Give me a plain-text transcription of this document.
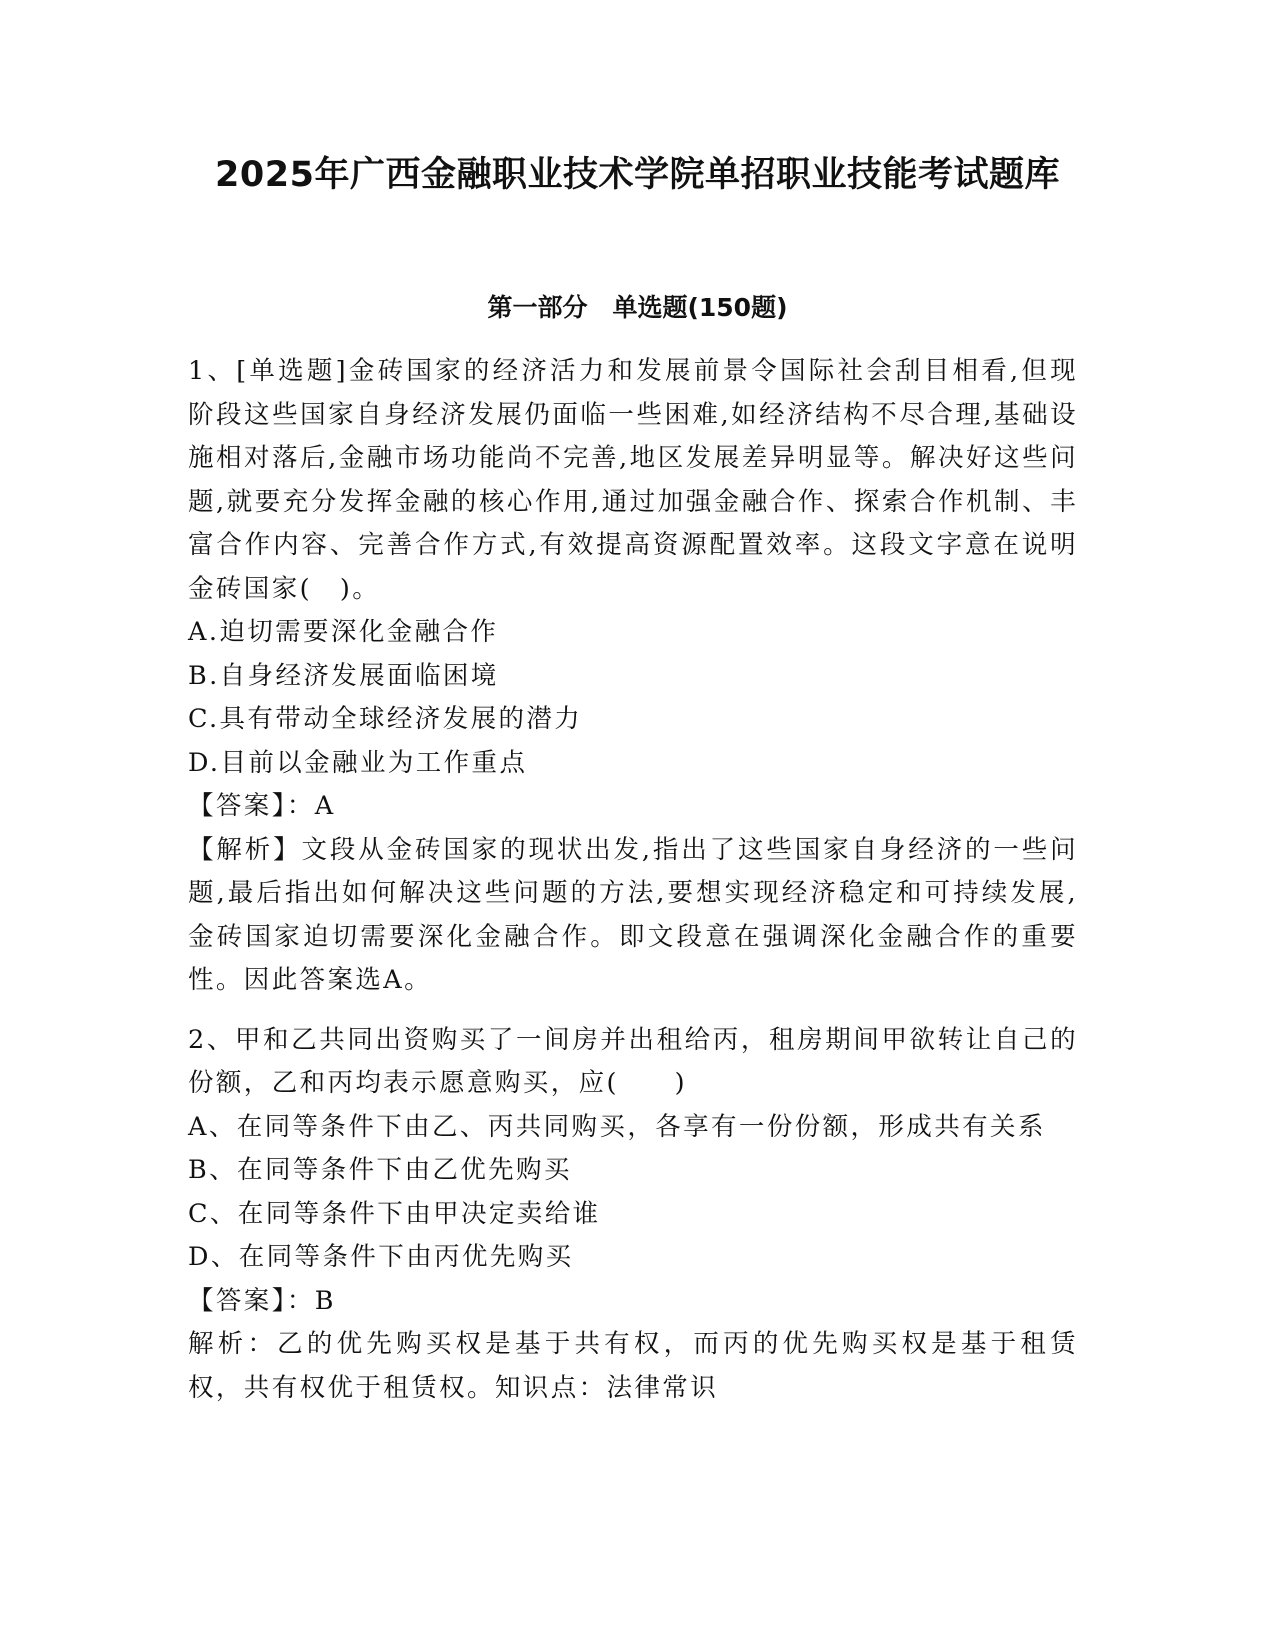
2025年广西金融职业技术学院单招职业技能考试题库
第一部分　单选题(150题)

1、[单选题]金砖国家的经济活力和发展前景令国际社会刮目相看,但现阶段这些国家自身经济发展仍面临一些困难,如经济结构不尽合理,基础设施相对落后,金融市场功能尚不完善,地区发展差异明显等。解决好这些问题,就要充分发挥金融的核心作用,通过加强金融合作、探索合作机制、丰富合作内容、完善合作方式,有效提高资源配置效率。这段文字意在说明金砖国家(　)。

A.迫切需要深化金融合作

B.自身经济发展面临困境

C.具有带动全球经济发展的潜力

D.目前以金融业为工作重点

【答案】：A

【解析】文段从金砖国家的现状出发,指出了这些国家自身经济的一些问题,最后指出如何解决这些问题的方法,要想实现经济稳定和可持续发展,金砖国家迫切需要深化金融合作。即文段意在强调深化金融合作的重要性。因此答案选A。

2、甲和乙共同出资购买了一间房并出租给丙，租房期间甲欲转让自己的份额，乙和丙均表示愿意购买，应(　　)

A、在同等条件下由乙、丙共同购买，各享有一份份额，形成共有关系

B、在同等条件下由乙优先购买

C、在同等条件下由甲决定卖给谁

D、在同等条件下由丙优先购买

【答案】：B

解析：乙的优先购买权是基于共有权，而丙的优先购买权是基于租赁权，共有权优于租赁权。知识点：法律常识
